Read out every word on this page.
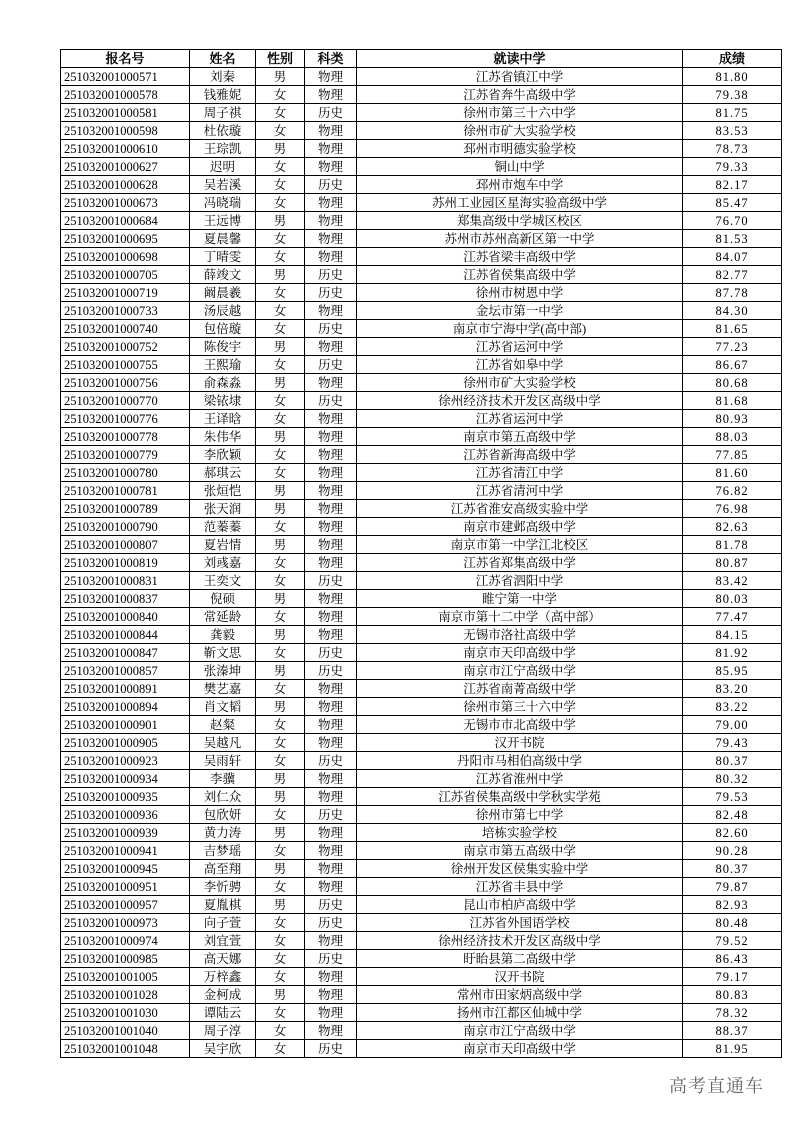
报名号	姓名	性别	科类	就读中学	成绩
251032001000571	刘秦	男	物理	江苏省镇江中学	81.80
251032001000578	钱雅妮	女	物理	江苏省奔牛高级中学	79.38
251032001000581	周子祺	女	历史	徐州市第三十六中学	81.75
251032001000598	杜依璇	女	物理	徐州市矿大实验学校	83.53
251032001000610	王琮凯	男	物理	邳州市明德实验学校	78.73
251032001000627	迟明	女	物理	铜山中学	79.33
251032001000628	吴若溪	女	历史	邳州市炮车中学	82.17
251032001000673	冯晓瑞	女	物理	苏州工业园区星海实验高级中学	85.47
251032001000684	王远博	男	物理	郑集高级中学城区校区	76.70
251032001000695	夏晨馨	女	物理	苏州市苏州高新区第一中学	81.53
251032001000698	丁晴雯	女	物理	江苏省梁丰高级中学	84.07
251032001000705	薛竣文	男	历史	江苏省侯集高级中学	82.77
251032001000719	阚晨羲	女	历史	徐州市树恩中学	87.78
251032001000733	汤辰越	女	物理	金坛市第一中学	84.30
251032001000740	包倍璇	女	历史	南京市宁海中学(高中部)	81.65
251032001000752	陈俊宇	男	物理	江苏省运河中学	77.23
251032001000755	王熙瑜	女	历史	江苏省如皋中学	86.67
251032001000756	俞森淼	男	物理	徐州市矿大实验学校	80.68
251032001000770	梁铱埭	女	历史	徐州经济技术开发区高级中学	81.68
251032001000776	王译晗	女	物理	江苏省运河中学	80.93
251032001000778	朱伟华	男	物理	南京市第五高级中学	88.03
251032001000779	李欣颖	女	物理	江苏省新海高级中学	77.85
251032001000780	郝琪云	女	物理	江苏省清江中学	81.60
251032001000781	张烜恺	男	物理	江苏省清河中学	76.82
251032001000789	张天润	男	物理	江苏省淮安高级实验中学	76.98
251032001000790	范蓁蓁	女	物理	南京市建邺高级中学	82.63
251032001000807	夏岩情	男	物理	南京市第一中学江北校区	81.78
251032001000819	刘彧嘉	女	物理	江苏省郑集高级中学	80.87
251032001000831	王奕文	女	历史	江苏省泗阳中学	83.42
251032001000837	倪硕	男	物理	睢宁第一中学	80.03
251032001000840	常延龄	女	物理	南京市第十二中学（高中部）	77.47
251032001000844	龚毅	男	物理	无锡市洛社高级中学	84.15
251032001000847	靳文思	女	历史	南京市天印高级中学	81.92
251032001000857	张溱坤	男	历史	南京市江宁高级中学	85.95
251032001000891	樊艺嘉	女	物理	江苏省南菁高级中学	83.20
251032001000894	肖文韬	男	物理	徐州市第三十六中学	83.22
251032001000901	赵粲	女	物理	无锡市市北高级中学	79.00
251032001000905	吴越凡	女	物理	汉开书院	79.43
251032001000923	吴雨轩	女	历史	丹阳市马相伯高级中学	80.37
251032001000934	李骥	男	物理	江苏省淮州中学	80.32
251032001000935	刘仁众	男	物理	江苏省侯集高级中学秋实学苑	79.53
251032001000936	包欣妍	女	历史	徐州市第七中学	82.48
251032001000939	黄力涛	男	物理	培栋实验学校	82.60
251032001000941	吉梦瑶	女	物理	南京市第五高级中学	90.28
251032001000945	高至翔	男	物理	徐州开发区侯集实验中学	80.37
251032001000951	李忻骋	女	物理	江苏省丰县中学	79.87
251032001000957	夏胤棋	男	历史	昆山市柏庐高级中学	82.93
251032001000973	向子萱	女	历史	江苏省外国语学校	80.48
251032001000974	刘宜萱	女	物理	徐州经济技术开发区高级中学	79.52
251032001000985	高天娜	女	历史	盱眙县第二高级中学	86.43
251032001001005	万梓鑫	女	物理	汉开书院	79.17
251032001001028	金柯成	男	物理	常州市田家炳高级中学	80.83
251032001001030	谭陆云	女	物理	扬州市江都区仙城中学	78.32
251032001001040	周子淳	女	物理	南京市江宁高级中学	88.37
251032001001048	吴宇欣	女	历史	南京市天印高级中学	81.95
高考直通车
